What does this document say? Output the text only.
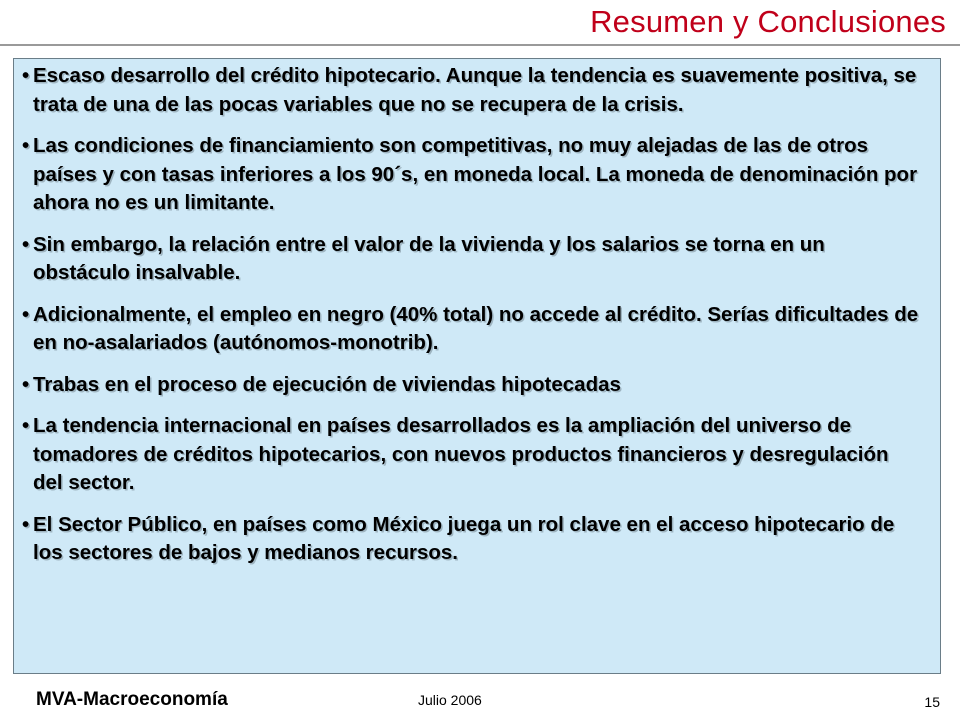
Resumen y Conclusiones
• Escaso desarrollo del crédito hipotecario. Aunque la tendencia es suavemente positiva, se trata de una de las pocas variables que no se recupera de la crisis.
• Las condiciones de financiamiento son competitivas, no muy alejadas de las de otros países y con tasas inferiores a los 90´s, en moneda local. La moneda de denominación por ahora no es un limitante.
• Sin embargo, la relación entre el valor de la vivienda y los salarios se torna en un obstáculo insalvable.
• Adicionalmente, el empleo en negro (40% total) no accede al crédito. Serías dificultades de en no-asalariados (autónomos-monotrib).
• Trabas en el proceso de ejecución de viviendas hipotecadas
• La tendencia internacional en países desarrollados es la ampliación del universo de tomadores de créditos hipotecarios, con nuevos productos financieros y desregulación del sector.
• El Sector Público, en países como México juega un rol clave en el acceso hipotecario de los sectores de bajos y medianos recursos.
MVA-Macroeconomía	Julio 2006	15
